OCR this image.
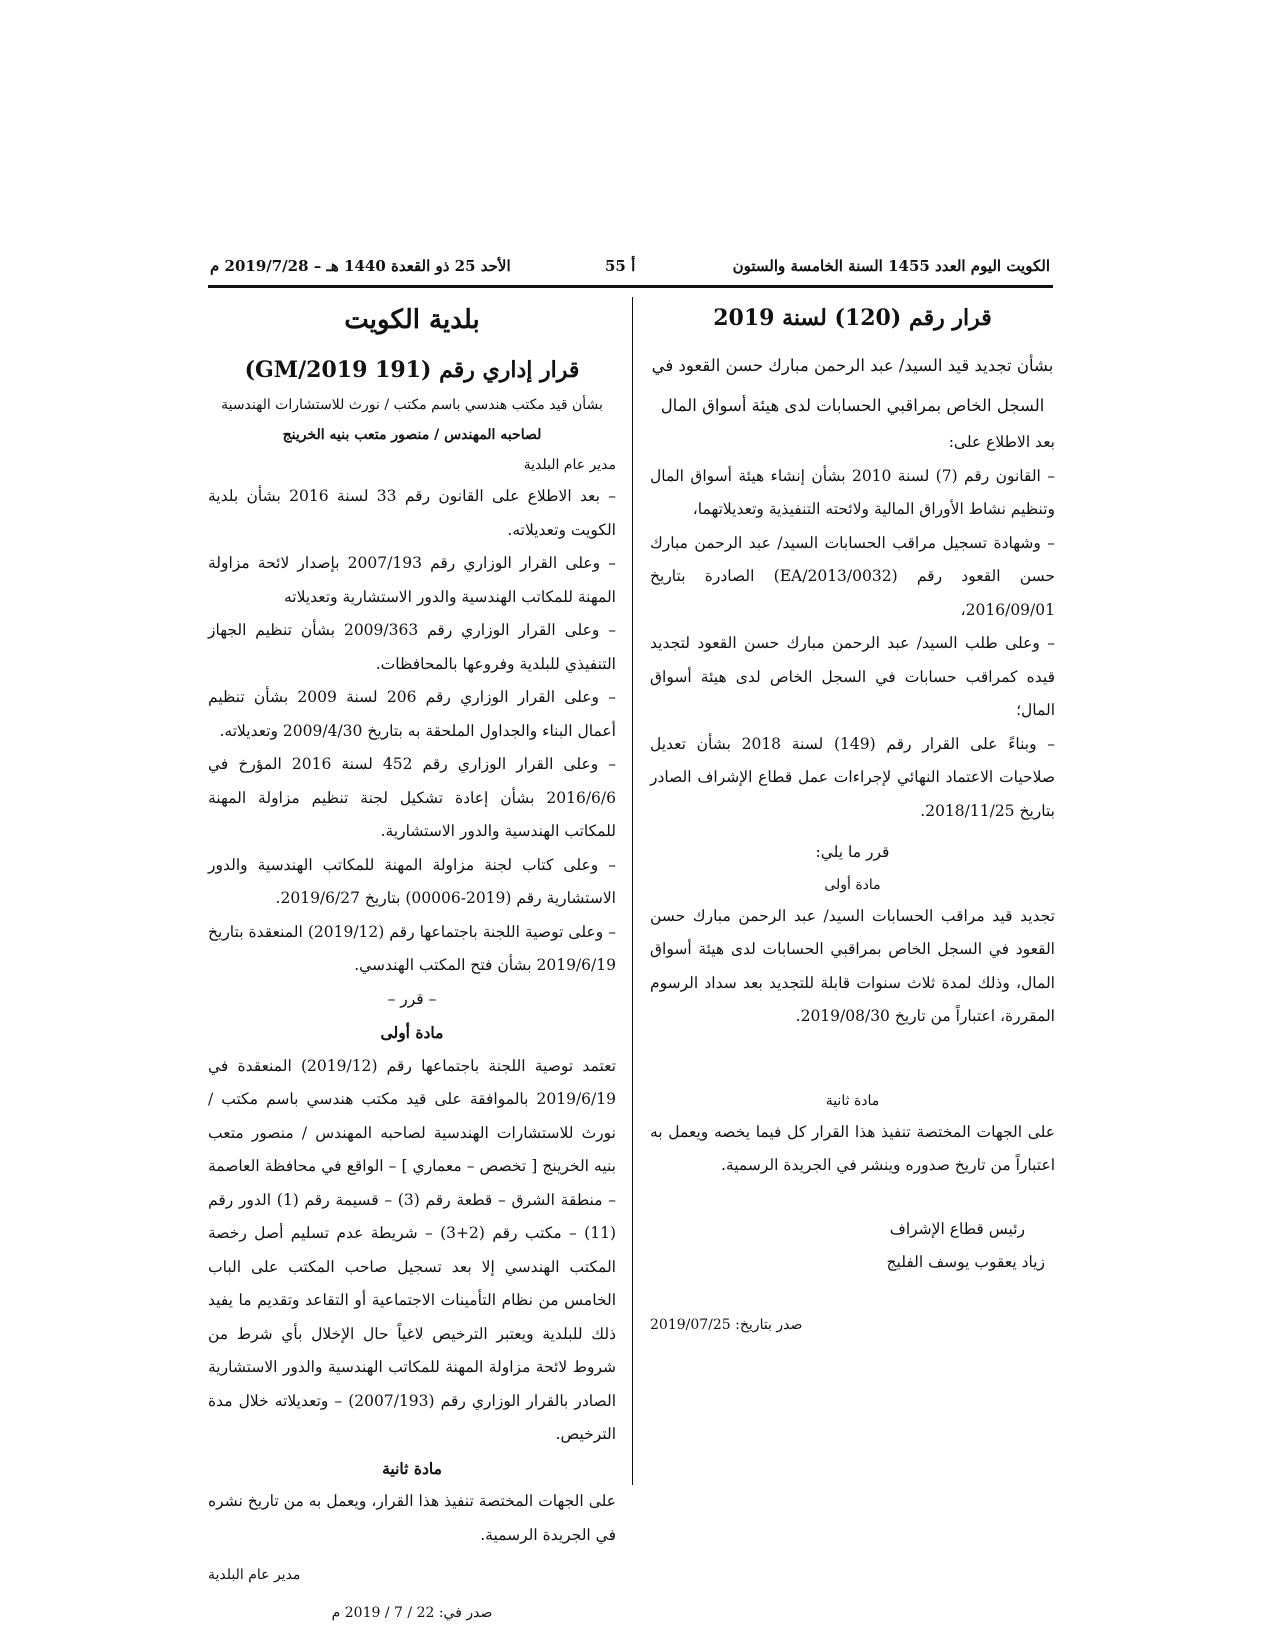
الكويت اليوم العدد 1455 السنة الخامسة والستون
أ 55
الأحد 25 ذو القعدة 1440 هـ – 2019/7/28 م

قرار رقم (120) لسنة 2019

بشأن تجديد قيد السيد/ عبد الرحمن مبارك حسن القعود في

السجل الخاص بمراقبي الحسابات لدى هيئة أسواق المال

بعد الاطلاع على:

– القانون رقم (7) لسنة 2010 بشأن إنشاء هيئة أسواق المال وتنظيم نشاط الأوراق المالية ولائحته التنفيذية وتعديلاتهما،

– وشهادة تسجيل مراقب الحسابات السيد/ عبد الرحمن مبارك حسن القعود رقم (EA/2013/0032) الصادرة بتاريخ 2016/09/01،

– وعلى طلب السيد/ عبد الرحمن مبارك حسن القعود لتجديد قيده كمراقب حسابات في السجل الخاص لدى هيئة أسواق المال؛

– وبناءً على القرار رقم (149) لسنة 2018 بشأن تعديل صلاحيات الاعتماد النهائي لإجراءات عمل قطاع الإشراف الصادر بتاريخ 2018/11/25.

قرر ما يلي:

مادة أولى

تجديد قيد مراقب الحسابات السيد/ عبد الرحمن مبارك حسن القعود في السجل الخاص بمراقبي الحسابات لدى هيئة أسواق المال، وذلك لمدة ثلاث سنوات قابلة للتجديد بعد سداد الرسوم المقررة، اعتباراً من تاريخ 2019/08/30.

مادة ثانية

على الجهات المختصة تنفيذ هذا القرار كل فيما يخصه ويعمل به اعتباراً من تاريخ صدوره وينشر في الجريدة الرسمية.

رئيس قطاع الإشراف

زياد يعقوب يوسف الفليج

صدر بتاريخ: 2019/07/25

بلدية الكويت

قرار إداري رقم (191 GM/2019)

بشأن قيد مكتب هندسي باسم مكتب / نورث للاستشارات الهندسية

لصاحبه المهندس / منصور متعب بنيه الخرينج

مدير عام البلدية

– بعد الاطلاع على القانون رقم 33 لسنة 2016 بشأن بلدية الكويت وتعديلاته.

– وعلى القرار الوزاري رقم 2007/193 بإصدار لائحة مزاولة المهنة للمكاتب الهندسية والدور الاستشارية وتعديلاته

– وعلى القرار الوزاري رقم 2009/363 بشأن تنظيم الجهاز التنفيذي للبلدية وفروعها بالمحافظات.

– وعلى القرار الوزاري رقم 206 لسنة 2009 بشأن تنظيم أعمال البناء والجداول الملحقة به بتاريخ 2009/4/30 وتعديلاته.

– وعلى القرار الوزاري رقم 452 لسنة 2016 المؤرخ في 2016/6/6 بشأن إعادة تشكيل لجنة تنظيم مزاولة المهنة للمكاتب الهندسية والدور الاستشارية.

– وعلى كتاب لجنة مزاولة المهنة للمكاتب الهندسية والدور الاستشارية رقم (2019-00006) بتاريخ 2019/6/27.

– وعلى توصية اللجنة باجتماعها رقم (2019/12) المنعقدة بتاريخ 2019/6/19 بشأن فتح المكتب الهندسي.

– قرر –

مادة أولى

تعتمد توصية اللجنة باجتماعها رقم (2019/12) المنعقدة في 2019/6/19 بالموافقة على قيد مكتب هندسي باسم مكتب / نورث للاستشارات الهندسية لصاحبه المهندس / منصور متعب بنيه الخرينج [ تخصص – معماري ] – الواقع في محافظة العاصمة – منطقة الشرق – قطعة رقم (3) – قسيمة رقم (1) الدور رقم (11) – مكتب رقم (2+3) – شريطة عدم تسليم أصل رخصة المكتب الهندسي إلا بعد تسجيل صاحب المكتب على الباب الخامس من نظام التأمينات الاجتماعية أو التقاعد وتقديم ما يفيد ذلك للبلدية ويعتبر الترخيص لاغياً حال الإخلال بأي شرط من شروط لائحة مزاولة المهنة للمكاتب الهندسية والدور الاستشارية الصادر بالقرار الوزاري رقم (2007/193) – وتعديلاته خلال مدة الترخيص.

مادة ثانية

على الجهات المختصة تنفيذ هذا القرار، ويعمل به من تاريخ نشره في الجريدة الرسمية.

مدير عام البلدية

صدر في: 22 / 7 / 2019 م
